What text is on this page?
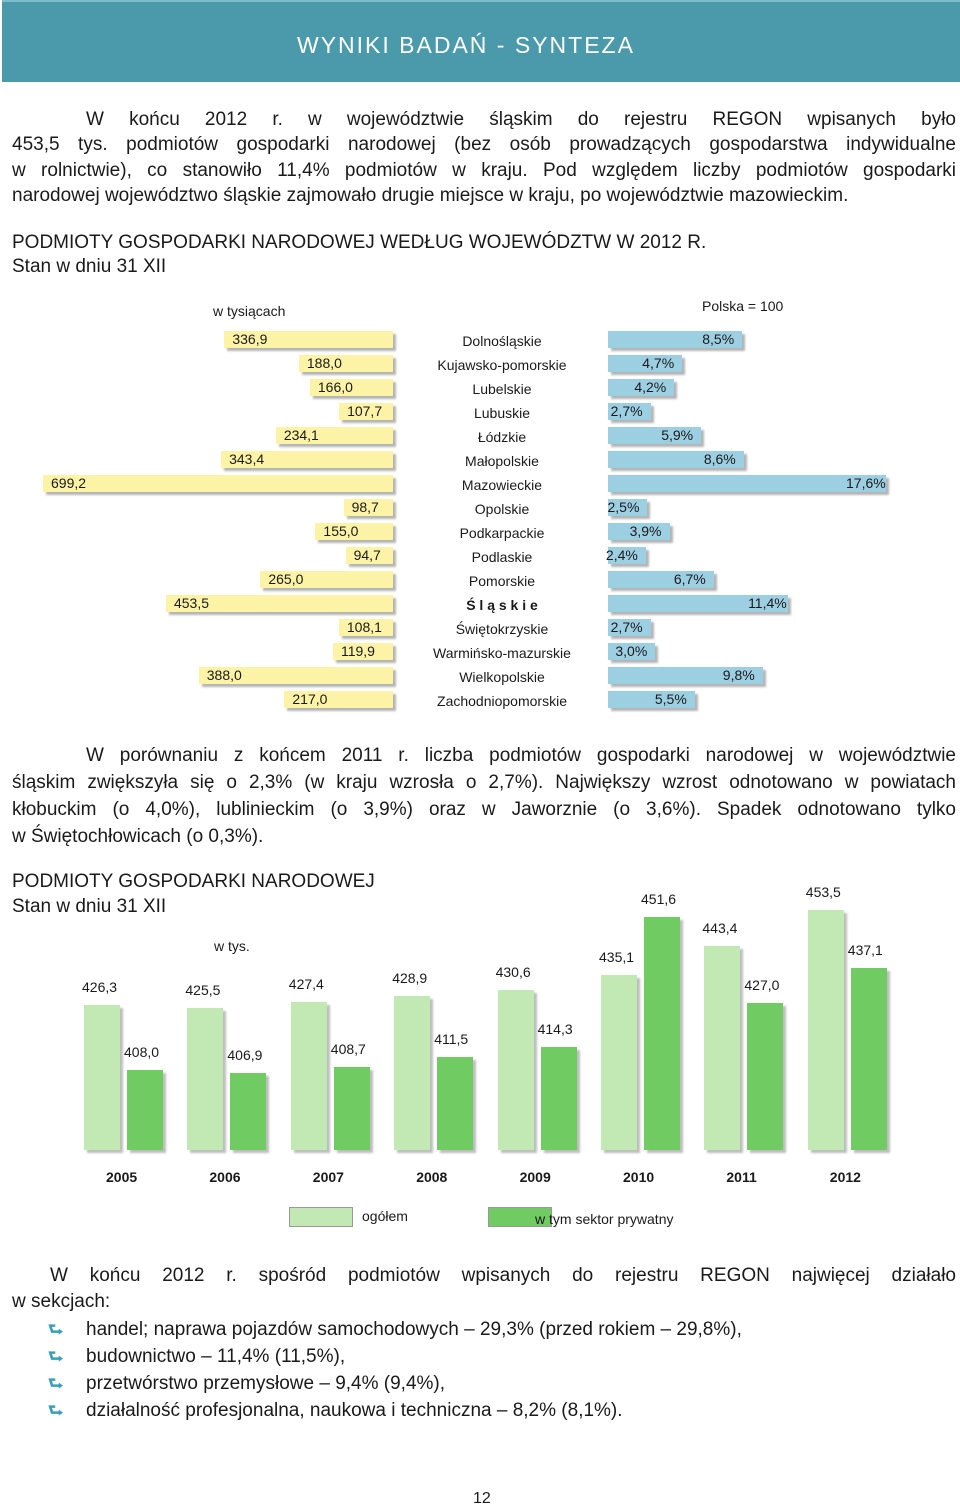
WYNIKI BADAŃ - SYNTEZA
W końcu 2012 r. w województwie śląskim do rejestru REGON wpisanych było
453,5 tys. podmiotów gospodarki narodowej (bez osób prowadzących gospodarstwa indywidualne
w rolnictwie), co stanowiło 11,4% podmiotów w kraju. Pod względem liczby podmiotów gospodarki
narodowej województwo śląskie zajmowało drugie miejsce w kraju, po województwie mazowieckim.
PODMIOTY GOSPODARKI NARODOWEJ WEDŁUG WOJEWÓDZTW W 2012 R.
Stan w dniu 31 XII
w tysiącach	Polska = 100
336,9	Dolnośląskie	8,5%
188,0	Kujawsko-pomorskie	4,7%
166,0	Lubelskie	4,2%
107,7	Lubuskie	2,7%
234,1	Łódzkie	5,9%
343,4	Małopolskie	8,6%
699,2	Mazowieckie	17,6%
98,7	Opolskie	2,5%
155,0	Podkarpackie	3,9%
94,7	Podlaskie	2,4%
265,0	Pomorskie	6,7%
453,5	Ś l ą s k i e	11,4%
108,1	Świętokrzyskie	2,7%
119,9	Warmińsko-mazurskie	3,0%
388,0	Wielkopolskie	9,8%
217,0	Zachodniopomorskie	5,5%
W porównaniu z końcem 2011 r. liczba podmiotów gospodarki narodowej w województwie
śląskim zwiększyła się o 2,3% (w kraju wzrosła o 2,7%). Największy wzrost odnotowano w powiatach
kłobuckim (o 4,0%), lublinieckim (o 3,9%) oraz w Jaworznie (o 3,6%). Spadek odnotowano tylko
w Świętochłowicach (o 0,3%).
PODMIOTY GOSPODARKI NARODOWEJ
Stan w dniu 31 XII
w tys.
426,3
408,0
2005
425,5
406,9
2006
427,4
408,7
2007
428,9
411,5
2008
430,6
414,3
2009
435,1
451,6
2010
443,4
427,0
2011
453,5
437,1
2012
ogółem	w tym sektor prywatny
W końcu 2012 r. spośród podmiotów wpisanych do rejestru REGON najwięcej działało
w sekcjach:
⮑ handel; naprawa pojazdów samochodowych – 29,3% (przed rokiem – 29,8%),
⮑ budownictwo – 11,4% (11,5%),
⮑ przetwórstwo przemysłowe – 9,4% (9,4%),
⮑ działalność profesjonalna, naukowa i techniczna – 8,2% (8,1%).
12
